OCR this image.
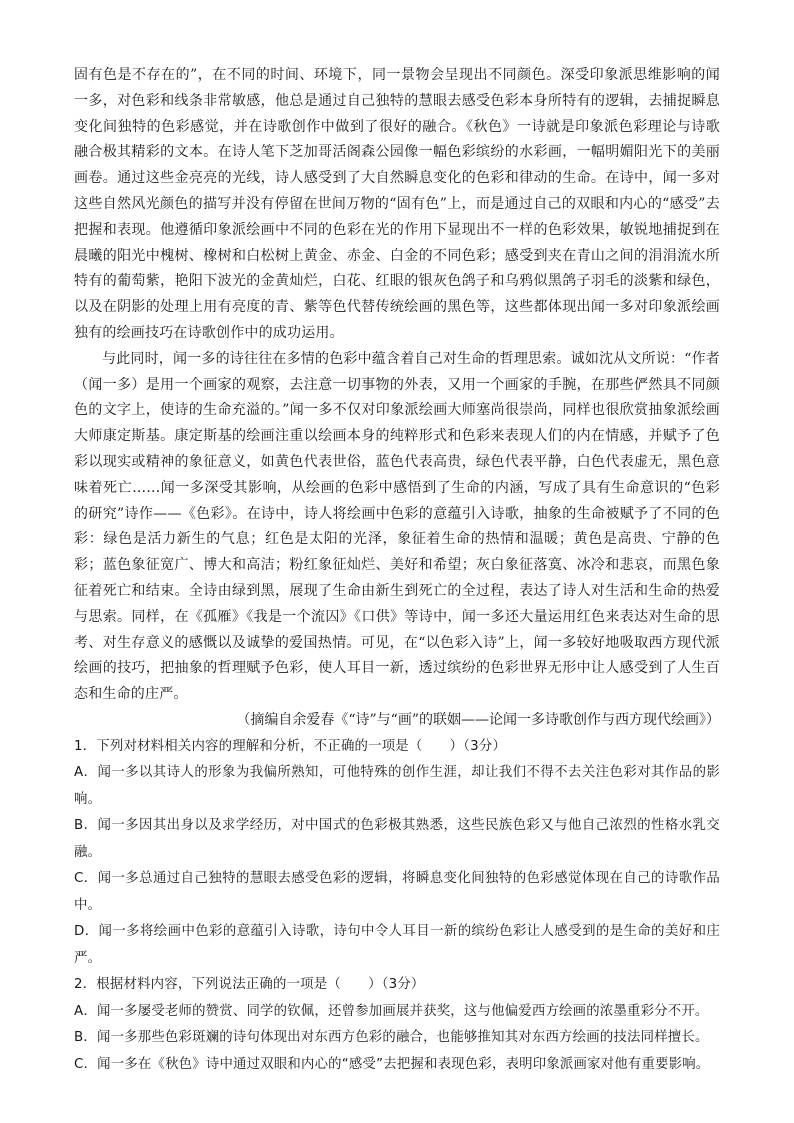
固有色是不存在的”，在不同的时间、环境下，同一景物会呈现出不同颜色。深受印象派思维影响的闻一多，对色彩和线条非常敏感，他总是通过自己独特的慧眼去感受色彩本身所特有的逻辑，去捕捉瞬息变化间独特的色彩感觉，并在诗歌创作中做到了很好的融合。《秋色》一诗就是印象派色彩理论与诗歌融合极其精彩的文本。在诗人笔下芝加哥活阁森公园像一幅色彩缤纷的水彩画，一幅明媚阳光下的美丽画卷。通过这些金亮亮的光线，诗人感受到了大自然瞬息变化的色彩和律动的生命。在诗中，闻一多对这些自然风光颜色的描写并没有停留在世间万物的“固有色”上，而是通过自己的双眼和内心的“感受”去把握和表现。他遵循印象派绘画中不同的色彩在光的作用下显现出不一样的色彩效果，敏锐地捕捉到在晨曦的阳光中槐树、橡树和白松树上黄金、赤金、白金的不同色彩；感受到夹在青山之间的涓涓流水所特有的葡萄紫，艳阳下波光的金黄灿烂，白花、红眼的银灰色鸽子和乌鸦似黑鸽子羽毛的淡紫和绿色，以及在阴影的处理上用有亮度的青、紫等色代替传统绘画的黑色等，这些都体现出闻一多对印象派绘画独有的绘画技巧在诗歌创作中的成功运用。

与此同时，闻一多的诗往往在多情的色彩中蕴含着自己对生命的哲理思索。诚如沈从文所说：“作者（闻一多）是用一个画家的观察，去注意一切事物的外表，又用一个画家的手腕，在那些俨然具不同颜色的文字上，使诗的生命充溢的。”闻一多不仅对印象派绘画大师塞尚很崇尚，同样也很欣赏抽象派绘画大师康定斯基。康定斯基的绘画注重以绘画本身的纯粹形式和色彩来表现人们的内在情感，并赋予了色彩以现实或精神的象征意义，如黄色代表世俗，蓝色代表高贵，绿色代表平静，白色代表虚无，黑色意味着死亡……闻一多深受其影响，从绘画的色彩中感悟到了生命的内涵，写成了具有生命意识的“色彩的研究”诗作——《色彩》。在诗中，诗人将绘画中色彩的意蕴引入诗歌，抽象的生命被赋予了不同的色彩：绿色是活力新生的气息；红色是太阳的光泽，象征着生命的热情和温暖；黄色是高贵、宁静的色彩；蓝色象征宽广、博大和高洁；粉红象征灿烂、美好和希望；灰白象征落寞、冰冷和悲哀，而黑色象征着死亡和结束。全诗由绿到黑，展现了生命由新生到死亡的全过程，表达了诗人对生活和生命的热爱与思索。同样，在《孤雁》《我是一个流囚》《口供》等诗中，闻一多还大量运用红色来表达对生命的思考、对生存意义的感慨以及诚挚的爱国热情。可见，在“以色彩入诗”上，闻一多较好地吸取西方现代派绘画的技巧，把抽象的哲理赋予色彩，使人耳目一新，透过缤纷的色彩世界无形中让人感受到了人生百态和生命的庄严。

（摘编自余爱春《“诗”与“画”的联姻——论闻一多诗歌创作与西方现代绘画》）

1．下列对材料相关内容的理解和分析，不正确的一项是（　　）（3分）

A．闻一多以其诗人的形象为我偏所熟知，可他特殊的创作生涯，却让我们不得不去关注色彩对其作品的影响。

B．闻一多因其出身以及求学经历，对中国式的色彩极其熟悉，这些民族色彩又与他自己浓烈的性格水乳交融。

C．闻一多总通过自己独特的慧眼去感受色彩的逻辑，将瞬息变化间独特的色彩感觉体现在自己的诗歌作品中。

D．闻一多将绘画中色彩的意蕴引入诗歌，诗句中令人耳目一新的缤纷色彩让人感受到的是生命的美好和庄严。

2．根据材料内容，下列说法正确的一项是（　　）（3分）

A．闻一多屡受老师的赞赏、同学的钦佩，还曾参加画展并获奖，这与他偏爱西方绘画的浓墨重彩分不开。

B．闻一多那些色彩斑斓的诗句体现出对东西方色彩的融合，也能够推知其对东西方绘画的技法同样擅长。

C．闻一多在《秋色》诗中通过双眼和内心的“感受”去把握和表现色彩，表明印象派画家对他有重要影响。
